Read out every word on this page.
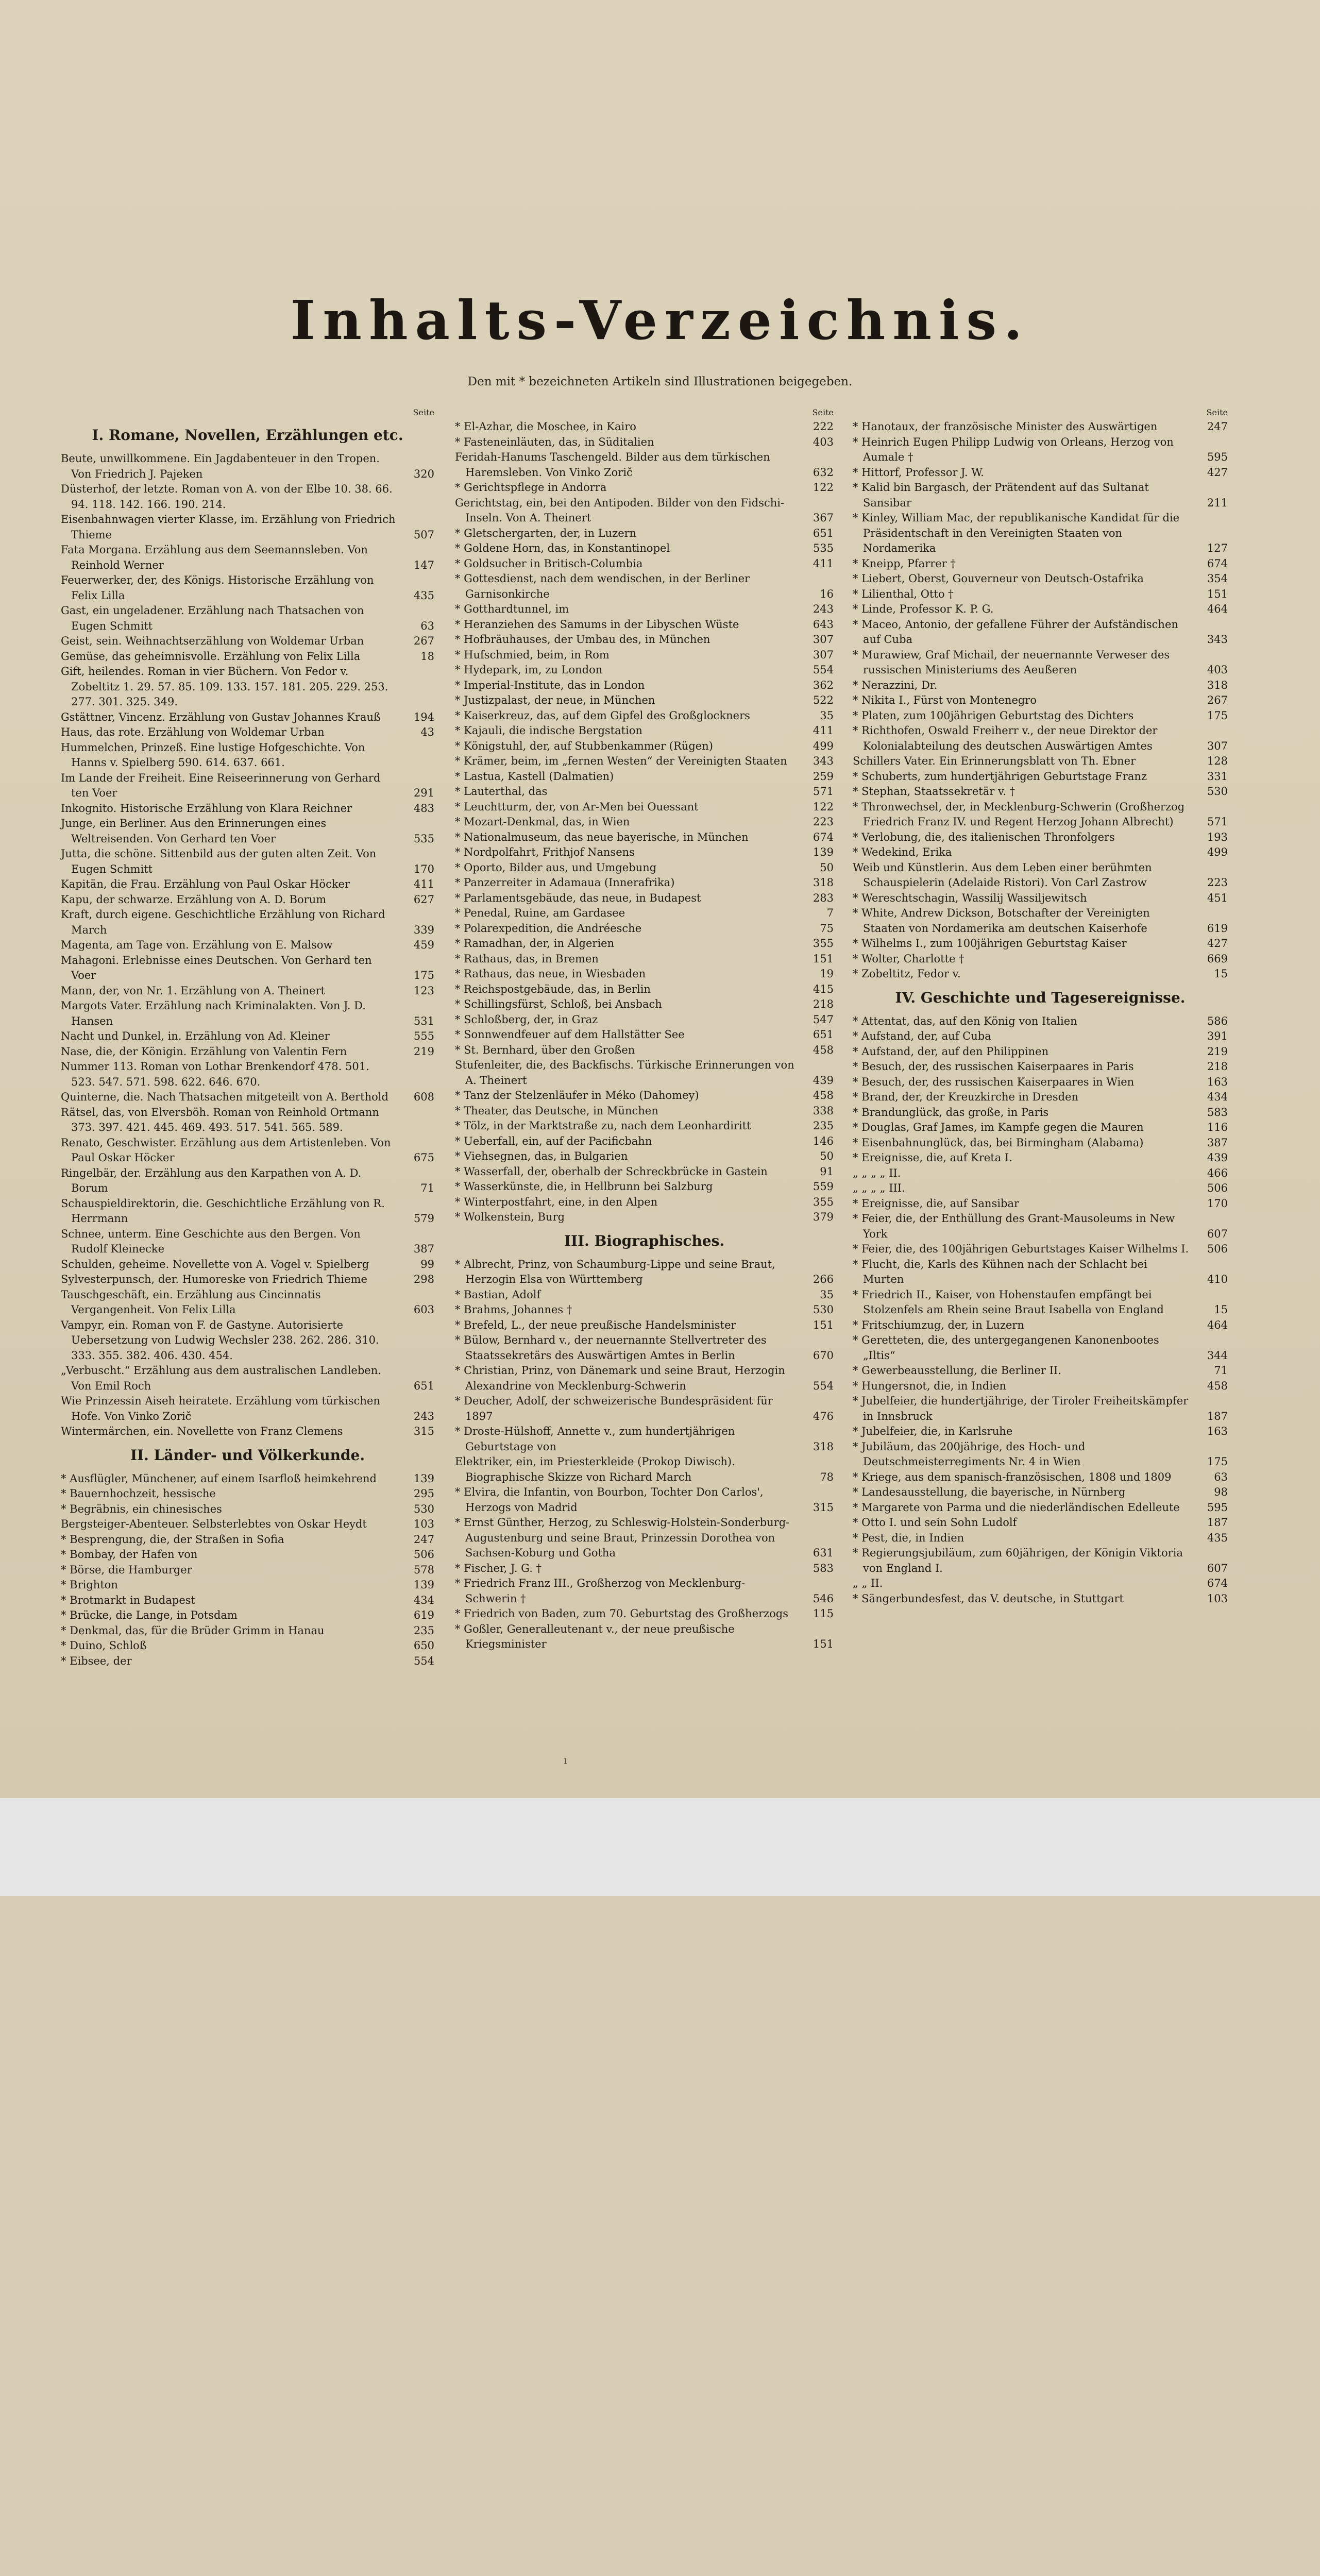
Inhalts-Verzeichnis.
Den mit * bezeichneten Artikeln sind Illustrationen beigegeben.
Seite
I. Romane, Novellen, Erzählungen etc.
Beute, unwillkommene. Ein Jagdabenteuer in den Tropen. Von Friedrich J. Pajeken	320
Düsterhof, der letzte. Roman von A. von der Elbe 10. 38. 66. 94. 118. 142. 166. 190. 214.
Eisenbahnwagen vierter Klasse, im. Erzählung von Friedrich Thieme	507
Fata Morgana. Erzählung aus dem Seemannsleben. Von Reinhold Werner	147
Feuerwerker, der, des Königs. Historische Erzählung von Felix Lilla	435
Gast, ein ungeladener. Erzählung nach Thatsachen von Eugen Schmitt	63
Geist, sein. Weihnachtserzählung von Woldemar Urban	267
Gemüse, das geheimnisvolle. Erzählung von Felix Lilla	18
Gift, heilendes. Roman in vier Büchern. Von Fedor v. Zobeltitz 1. 29. 57. 85. 109. 133. 157. 181. 205. 229. 253. 277. 301. 325. 349.
Gstättner, Vincenz. Erzählung von Gustav Johannes Krauß	194
Haus, das rote. Erzählung von Woldemar Urban	43
Hummelchen, Prinzeß. Eine lustige Hofgeschichte. Von Hanns v. Spielberg 590. 614. 637. 661.
Im Lande der Freiheit. Eine Reiseerinnerung von Gerhard ten Voer	291
Inkognito. Historische Erzählung von Klara Reichner	483
Junge, ein Berliner. Aus den Erinnerungen eines Weltreisenden. Von Gerhard ten Voer	535
Jutta, die schöne. Sittenbild aus der guten alten Zeit. Von Eugen Schmitt	170
Kapitän, die Frau. Erzählung von Paul Oskar Höcker	411
Kapu, der schwarze. Erzählung von A. D. Borum	627
Kraft, durch eigene. Geschichtliche Erzählung von Richard March	339
Magenta, am Tage von. Erzählung von E. Malsow	459
Mahagoni. Erlebnisse eines Deutschen. Von Gerhard ten Voer	175
Mann, der, von Nr. 1. Erzählung von A. Theinert	123
Margots Vater. Erzählung nach Kriminalakten. Von J. D. Hansen	531
Nacht und Dunkel, in. Erzählung von Ad. Kleiner	555
Nase, die, der Königin. Erzählung von Valentin Fern	219
Nummer 113. Roman von Lothar Brenkendorf 478. 501. 523. 547. 571. 598. 622. 646. 670.
Quinterne, die. Nach Thatsachen mitgeteilt von A. Berthold	608
Rätsel, das, von Elversböh. Roman von Reinhold Ortmann 373. 397. 421. 445. 469. 493. 517. 541. 565. 589.
Renato, Geschwister. Erzählung aus dem Artistenleben. Von Paul Oskar Höcker	675
Ringelbär, der. Erzählung aus den Karpathen von A. D. Borum	71
Schauspieldirektorin, die. Geschichtliche Erzählung von R. Herrmann	579
Schnee, unterm. Eine Geschichte aus den Bergen. Von Rudolf Kleinecke	387
Schulden, geheime. Novellette von A. Vogel v. Spielberg	99
Sylvesterpunsch, der. Humoreske von Friedrich Thieme	298
Tauschgeschäft, ein. Erzählung aus Cincinnatis Vergangenheit. Von Felix Lilla	603
Vampyr, ein. Roman von F. de Gastyne. Autorisierte Uebersetzung von Ludwig Wechsler 238. 262. 286. 310. 333. 355. 382. 406. 430. 454.
„Verbuscht.“ Erzählung aus dem australischen Landleben. Von Emil Roch	651
Wie Prinzessin Aiseh heiratete. Erzählung vom türkischen Hofe. Von Vinko Zorič	243
Wintermärchen, ein. Novellette von Franz Clemens	315
II. Länder- und Völkerkunde.
* Ausflügler, Münchener, auf einem Isarfloß heimkehrend	139
* Bauernhochzeit, hessische	295
* Begräbnis, ein chinesisches	530
Bergsteiger-Abenteuer. Selbsterlebtes von Oskar Heydt	103
* Besprengung, die, der Straßen in Sofia	247
* Bombay, der Hafen von	506
* Börse, die Hamburger	578
* Brighton	139
* Brotmarkt in Budapest	434
* Brücke, die Lange, in Potsdam	619
* Denkmal, das, für die Brüder Grimm in Hanau	235
* Duino, Schloß	650
* Eibsee, der	554
Seite
* El-Azhar, die Moschee, in Kairo	222
* Fasteneinläuten, das, in Süditalien	403
Feridah-Hanums Taschengeld. Bilder aus dem türkischen Haremsleben. Von Vinko Zorič	632
* Gerichtspflege in Andorra	122
Gerichtstag, ein, bei den Antipoden. Bilder von den Fidschi-Inseln. Von A. Theinert	367
* Gletschergarten, der, in Luzern	651
* Goldene Horn, das, in Konstantinopel	535
* Goldsucher in Britisch-Columbia	411
* Gottesdienst, nach dem wendischen, in der Berliner Garnisonkirche	16
* Gotthardtunnel, im	243
* Heranziehen des Samums in der Libyschen Wüste	643
* Hofbräuhauses, der Umbau des, in München	307
* Hufschmied, beim, in Rom	307
* Hydepark, im, zu London	554
* Imperial-Institute, das in London	362
* Justizpalast, der neue, in München	522
* Kaiserkreuz, das, auf dem Gipfel des Großglockners	35
* Kajauli, die indische Bergstation	411
* Königstuhl, der, auf Stubbenkammer (Rügen)	499
* Krämer, beim, im „fernen Westen“ der Vereinigten Staaten	343
* Lastua, Kastell (Dalmatien)	259
* Lauterthal, das	571
* Leuchtturm, der, von Ar-Men bei Ouessant	122
* Mozart-Denkmal, das, in Wien	223
* Nationalmuseum, das neue bayerische, in München	674
* Nordpolfahrt, Frithjof Nansens	139
* Oporto, Bilder aus, und Umgebung	50
* Panzerreiter in Adamaua (Innerafrika)	318
* Parlamentsgebäude, das neue, in Budapest	283
* Penedal, Ruine, am Gardasee	7
* Polarexpedition, die Andréesche	75
* Ramadhan, der, in Algerien	355
* Rathaus, das, in Bremen	151
* Rathaus, das neue, in Wiesbaden	19
* Reichspostgebäude, das, in Berlin	415
* Schillingsfürst, Schloß, bei Ansbach	218
* Schloßberg, der, in Graz	547
* Sonnwendfeuer auf dem Hallstätter See	651
* St. Bernhard, über den Großen	458
Stufenleiter, die, des Backfischs. Türkische Erinnerungen von A. Theinert	439
* Tanz der Stelzenläufer in Méko (Dahomey)	458
* Theater, das Deutsche, in München	338
* Tölz, in der Marktstraße zu, nach dem Leonhardiritt	235
* Ueberfall, ein, auf der Pacificbahn	146
* Viehsegnen, das, in Bulgarien	50
* Wasserfall, der, oberhalb der Schreckbrücke in Gastein	91
* Wasserkünste, die, in Hellbrunn bei Salzburg	559
* Winterpostfahrt, eine, in den Alpen	355
* Wolkenstein, Burg	379
III. Biographisches.
* Albrecht, Prinz, von Schaumburg-Lippe und seine Braut, Herzogin Elsa von Württemberg	266
* Bastian, Adolf	35
* Brahms, Johannes †	530
* Brefeld, L., der neue preußische Handelsminister	151
* Bülow, Bernhard v., der neuernannte Stellvertreter des Staatssekretärs des Auswärtigen Amtes in Berlin	670
* Christian, Prinz, von Dänemark und seine Braut, Herzogin Alexandrine von Mecklenburg-Schwerin	554
* Deucher, Adolf, der schweizerische Bundespräsident für 1897	476
* Droste-Hülshoff, Annette v., zum hundertjährigen Geburtstage von	318
Elektriker, ein, im Priesterkleide (Prokop Diwisch). Biographische Skizze von Richard March	78
* Elvira, die Infantin, von Bourbon, Tochter Don Carlos', Herzogs von Madrid	315
* Ernst Günther, Herzog, zu Schleswig-Holstein-Sonderburg-Augustenburg und seine Braut, Prinzessin Dorothea von Sachsen-Koburg und Gotha	631
* Fischer, J. G. †	583
* Friedrich Franz III., Großherzog von Mecklenburg-Schwerin †	546
* Friedrich von Baden, zum 70. Geburtstag des Großherzogs	115
* Goßler, Generalleutenant v., der neue preußische Kriegsminister	151
Seite
* Hanotaux, der französische Minister des Auswärtigen	247
* Heinrich Eugen Philipp Ludwig von Orleans, Herzog von Aumale †	595
* Hittorf, Professor J. W.	427
* Kalid bin Bargasch, der Prätendent auf das Sultanat Sansibar	211
* Kinley, William Mac, der republikanische Kandidat für die Präsidentschaft in den Vereinigten Staaten von Nordamerika	127
* Kneipp, Pfarrer †	674
* Liebert, Oberst, Gouverneur von Deutsch-Ostafrika	354
* Lilienthal, Otto †	151
* Linde, Professor K. P. G.	464
* Maceo, Antonio, der gefallene Führer der Aufständischen auf Cuba	343
* Murawiew, Graf Michail, der neuernannte Verweser des russischen Ministeriums des Aeußeren	403
* Nerazzini, Dr.	318
* Nikita I., Fürst von Montenegro	267
* Platen, zum 100jährigen Geburtstag des Dichters	175
* Richthofen, Oswald Freiherr v., der neue Direktor der Kolonialabteilung des deutschen Auswärtigen Amtes	307
Schillers Vater. Ein Erinnerungsblatt von Th. Ebner	128
* Schuberts, zum hundertjährigen Geburtstage Franz	331
* Stephan, Staatssekretär v. †	530
* Thronwechsel, der, in Mecklenburg-Schwerin (Großherzog Friedrich Franz IV. und Regent Herzog Johann Albrecht)	571
* Verlobung, die, des italienischen Thronfolgers	193
* Wedekind, Erika	499
Weib und Künstlerin. Aus dem Leben einer berühmten Schauspielerin (Adelaide Ristori). Von Carl Zastrow	223
* Wereschtschagin, Wassilij Wassiljewitsch	451
* White, Andrew Dickson, Botschafter der Vereinigten Staaten von Nordamerika am deutschen Kaiserhofe	619
* Wilhelms I., zum 100jährigen Geburtstag Kaiser	427
* Wolter, Charlotte †	669
* Zobeltitz, Fedor v.	15
IV. Geschichte und Tagesereignisse.
* Attentat, das, auf den König von Italien	586
* Aufstand, der, auf Cuba	391
* Aufstand, der, auf den Philippinen	219
* Besuch, der, des russischen Kaiserpaares in Paris	218
* Besuch, der, des russischen Kaiserpaares in Wien	163
* Brand, der, der Kreuzkirche in Dresden	434
* Brandunglück, das große, in Paris	583
* Douglas, Graf James, im Kampfe gegen die Mauren	116
* Eisenbahnunglück, das, bei Birmingham (Alabama)	387
* Ereignisse, die, auf Kreta I.	439
„ „ „ „ II.	466
„ „ „ „ III.	506
* Ereignisse, die, auf Sansibar	170
* Feier, die, der Enthüllung des Grant-Mausoleums in New York	607
* Feier, die, des 100jährigen Geburtstages Kaiser Wilhelms I.	506
* Flucht, die, Karls des Kühnen nach der Schlacht bei Murten	410
* Friedrich II., Kaiser, von Hohenstaufen empfängt bei Stolzenfels am Rhein seine Braut Isabella von England	15
* Fritschiumzug, der, in Luzern	464
* Geretteten, die, des untergegangenen Kanonenbootes „Iltis“	344
* Gewerbeausstellung, die Berliner II.	71
* Hungersnot, die, in Indien	458
* Jubelfeier, die hundertjährige, der Tiroler Freiheitskämpfer in Innsbruck	187
* Jubelfeier, die, in Karlsruhe	163
* Jubiläum, das 200jährige, des Hoch- und Deutschmeisterregiments Nr. 4 in Wien	175
* Kriege, aus dem spanisch-französischen, 1808 und 1809	63
* Landesausstellung, die bayerische, in Nürnberg	98
* Margarete von Parma und die niederländischen Edelleute	595
* Otto I. und sein Sohn Ludolf	187
* Pest, die, in Indien	435
* Regierungsjubiläum, zum 60jährigen, der Königin Viktoria von England I.	607
„ „ II.	674
* Sängerbundesfest, das V. deutsche, in Stuttgart	103
ı
